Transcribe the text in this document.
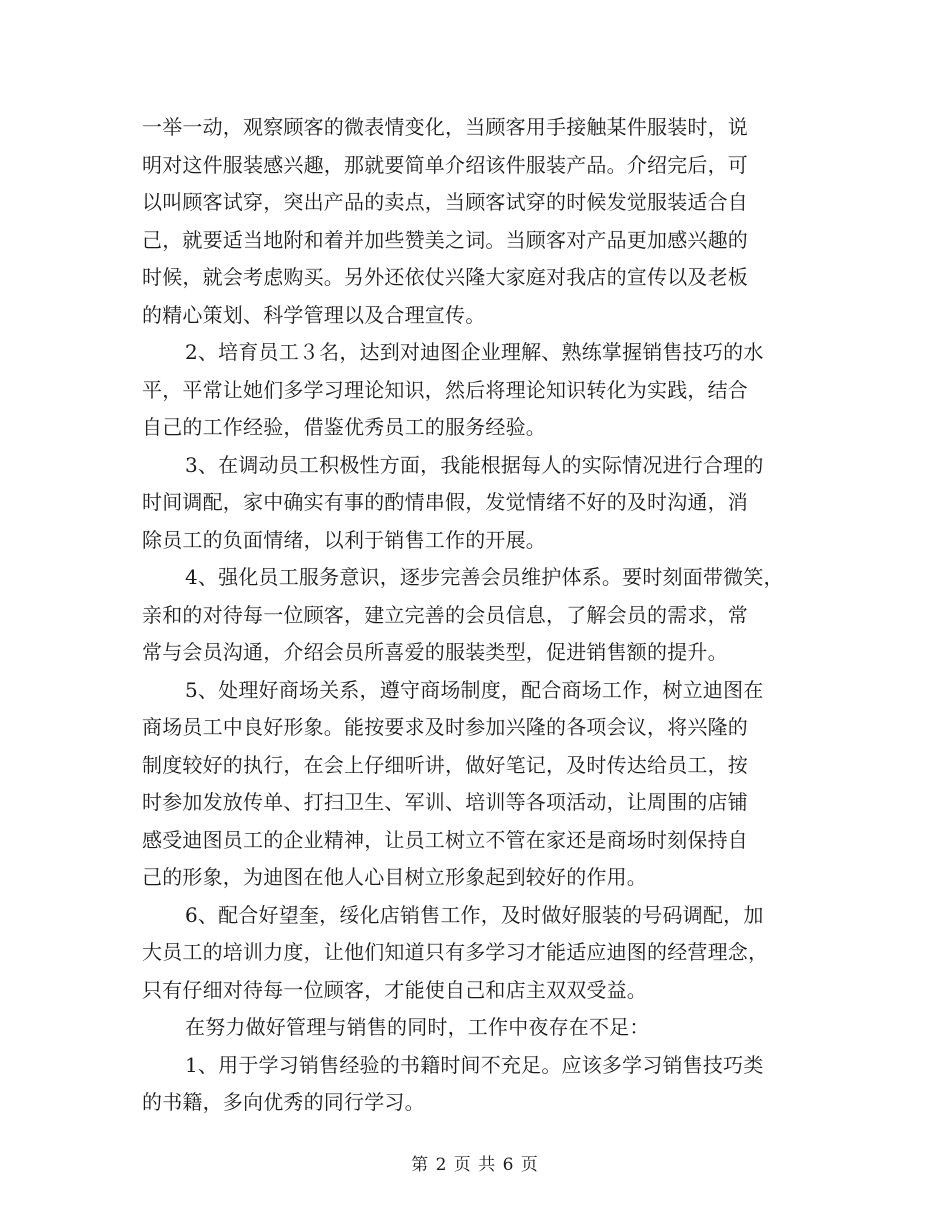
一举一动，观察顾客的微表情变化，当顾客用手接触某件服装时，说
明对这件服装感兴趣，那就要简单介绍该件服装产品。介绍完后，可
以叫顾客试穿，突出产品的卖点，当顾客试穿的时候发觉服装适合自
己，就要适当地附和着并加些赞美之词。当顾客对产品更加感兴趣的
时候，就会考虑购买。另外还依仗兴隆大家庭对我店的宣传以及老板
的精心策划、科学管理以及合理宣传。
2、培育员工３名，达到对迪图企业理解、熟练掌握销售技巧的水
平，平常让她们多学习理论知识，然后将理论知识转化为实践，结合
自己的工作经验，借鉴优秀员工的服务经验。
3、在调动员工积极性方面，我能根据每人的实际情况进行合理的
时间调配，家中确实有事的酌情串假，发觉情绪不好的及时沟通，消
除员工的负面情绪，以利于销售工作的开展。
4、强化员工服务意识，逐步完善会员维护体系。要时刻面带微笑，
亲和的对待每一位顾客，建立完善的会员信息，了解会员的需求，常
常与会员沟通，介绍会员所喜爱的服装类型，促进销售额的提升。
5、处理好商场关系，遵守商场制度，配合商场工作，树立迪图在
商场员工中良好形象。能按要求及时参加兴隆的各项会议，将兴隆的
制度较好的执行，在会上仔细听讲，做好笔记，及时传达给员工，按
时参加发放传单、打扫卫生、军训、培训等各项活动，让周围的店铺
感受迪图员工的企业精神，让员工树立不管在家还是商场时刻保持自
己的形象，为迪图在他人心目树立形象起到较好的作用。
6、配合好望奎，绥化店销售工作，及时做好服装的号码调配，加
大员工的培训力度，让他们知道只有多学习才能适应迪图的经营理念，
只有仔细对待每一位顾客，才能使自己和店主双双受益。
在努力做好管理与销售的同时，工作中夜存在不足：
1、用于学习销售经验的书籍时间不充足。应该多学习销售技巧类
的书籍，多向优秀的同行学习。
第 2 页 共 6 页
